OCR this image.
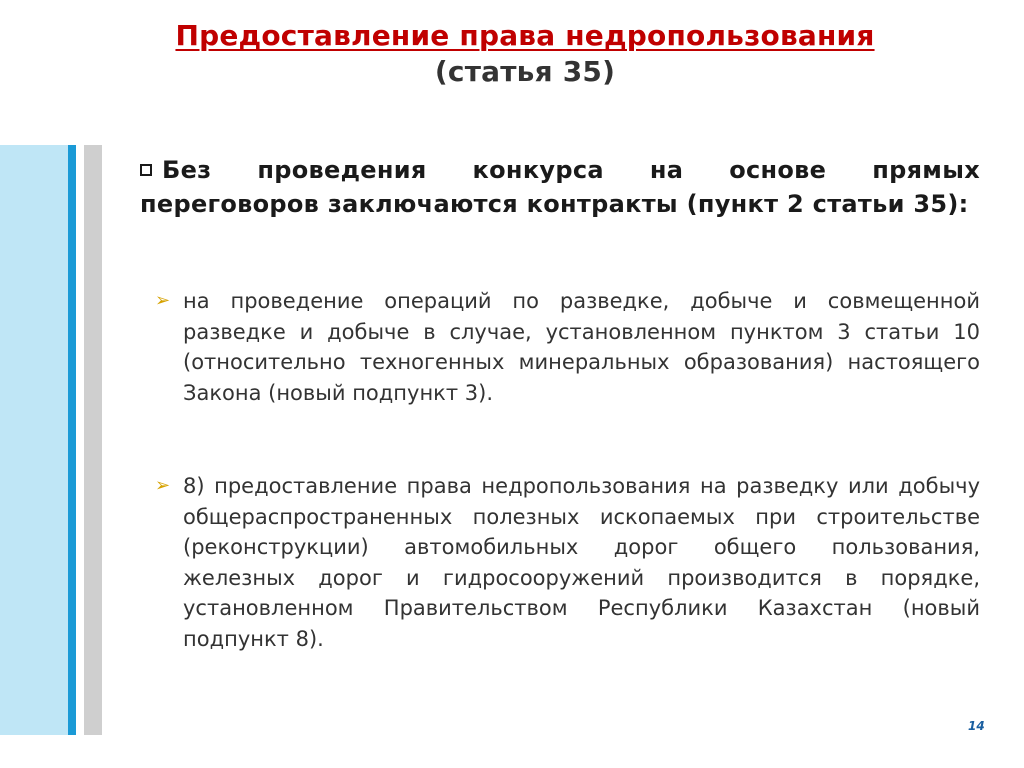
Предоставление права недропользования
(статья 35)
Без проведения конкурса на основе прямых переговоров заключаются контракты (пункт 2 статьи 35):
➢ на проведение операций по разведке, добыче и совмещенной разведке и добыче в случае, установленном пунктом 3 статьи 10 (относительно техногенных минеральных образования) настоящего Закона (новый подпункт 3).
➢ 8) предоставление права недропользования на разведку или добычу общераспространенных полезных ископаемых при строительстве (реконструкции) автомобильных дорог общего пользования, железных дорог и гидросооружений производится в порядке, установленном Правительством Республики Казахстан (новый подпункт 8).
14
